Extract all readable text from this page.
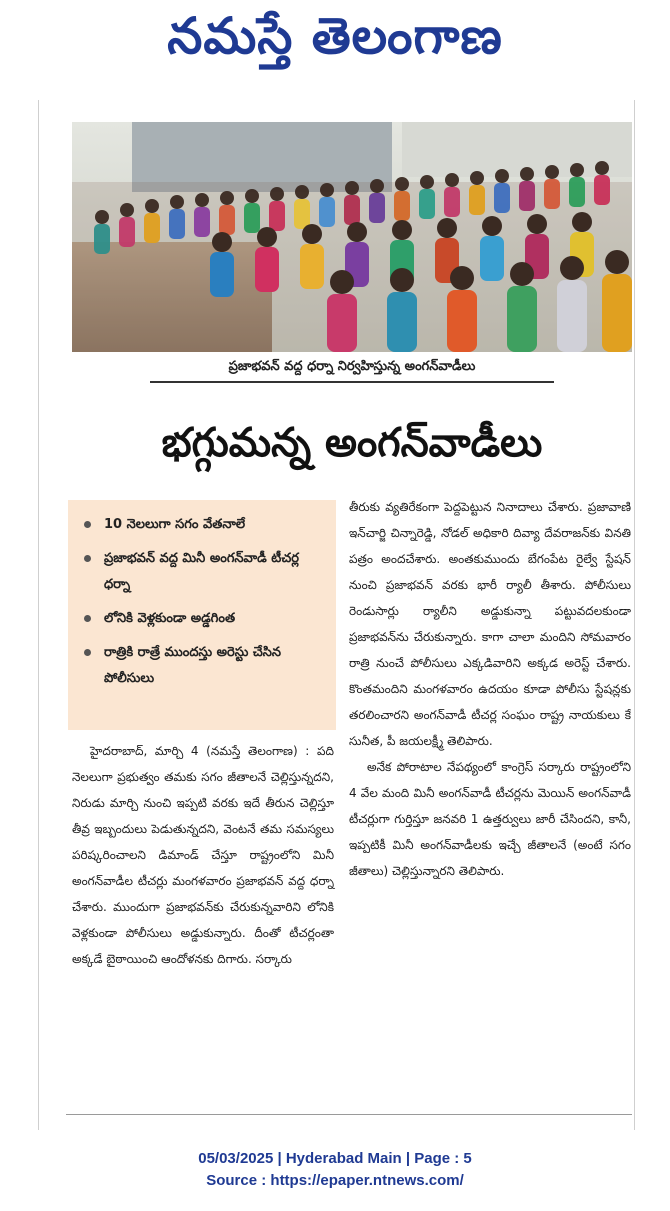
నమస్తే తెలంగాణ
ప్రజాభవన్ వద్ద ధర్నా నిర్వహిస్తున్న అంగన్‌వాడీలు
భగ్గుమన్న అంగన్‌వాడీలు
10 నెలలుగా సగం వేతనాలే
ప్రజాభవన్ వద్ద మినీ అంగన్‌వాడీ టీచర్ల ధర్నా
లోనికి వెళ్లకుండా అడ్డగింత
రాత్రికి రాత్రే ముందస్తు అరెస్టు చేసిన పోలీసులు

హైదరాబాద్, మార్చి 4 (నమస్తే తెలంగాణ) : పది నెలలుగా ప్రభుత్వం తమకు సగం జీతాలనే చెల్లిస్తున్నదని, నిరుడు మార్చి నుంచి ఇప్పటి వరకు ఇదే తీరున చెల్లిస్తూ తీవ్ర ఇబ్బందులు పెడుతున్నదని, వెంటనే తమ సమస్యలు పరిష్కరించాలని డిమాండ్ చేస్తూ రాష్ట్రంలోని మినీ అంగన్‌వాడీల టీచర్లు మంగళవారం ప్రజాభవన్ వద్ద ధర్నా చేశారు. ముందుగా ప్రజాభవన్‌కు చేరుకున్నవారిని లోనికి వెళ్లకుండా పోలీసులు అడ్డుకున్నారు. దీంతో టీచర్లంతా అక్కడే బైఠాయించి ఆందోళనకు దిగారు. సర్కారు

తీరుకు వ్యతిరేకంగా పెద్దపెట్టున నినాదాలు చేశారు. ప్రజావాణి ఇన్‌చార్జి చిన్నారెడ్డి, నోడల్ అధికారి దివ్యా దేవరాజన్‌కు వినతి పత్రం అందచేశారు. అంతకుముందు బేగంపేట రైల్వే స్టేషన్ నుంచి ప్రజాభవన్ వరకు భారీ ర్యాలీ తీశారు. పోలీసులు రెండుసార్లు ర్యాలీని అడ్డుకున్నా పట్టువదలకుండా ప్రజాభవన్‌ను చేరుకున్నారు. కాగా చాలా మందిని సోమవారం రాత్రి నుంచే పోలీసులు ఎక్కడివారిని అక్కడ అరెస్ట్ చేశారు. కొంతమందిని మంగళవారం ఉదయం కూడా పోలీసు స్టేషన్లకు తరలించారని అంగన్‌వాడీ టీచర్ల సంఘం రాష్ట్ర నాయకులు కే సునీత, పీ జయలక్ష్మీ తెలిపారు.

అనేక పోరాటాల నేపథ్యంలో కాంగ్రెస్ సర్కారు రాష్ట్రంలోని 4 వేల మంది మినీ అంగన్‌వాడీ టీచర్లను మెయిన్ అంగన్‌వాడీ టీచర్లుగా గుర్తిస్తూ జనవరి 1 ఉత్తర్వులు జారీ చేసిందని, కానీ, ఇప్పటికీ మినీ అంగన్‌వాడీలకు ఇచ్చే జీతాలనే (అంటే సగం జీతాలు) చెల్లిస్తున్నారని తెలిపారు.

05/03/2025 | Hyderabad Main | Page : 5
Source : https://epaper.ntnews.com/
